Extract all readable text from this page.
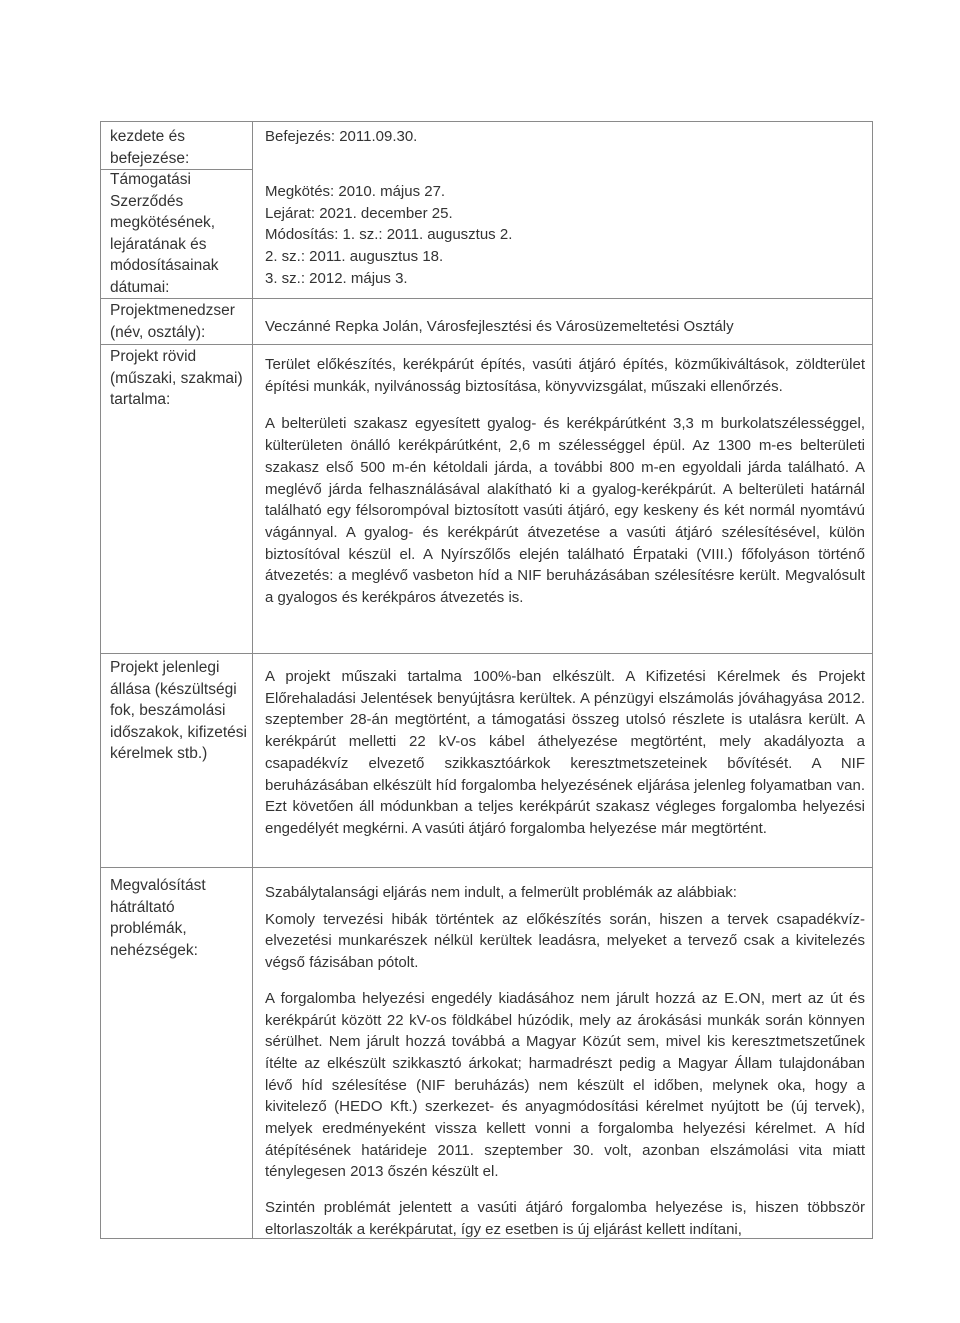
kezdete és befejezése:
Befejezés: 2011.09.30.
Támogatási Szerződés megkötésének, lejáratának és módosításainak dátumai:
Megkötés: 2010. május 27.
Lejárat: 2021. december 25.
Módosítás: 1. sz.: 2011. augusztus 2.
2. sz.: 2011. augusztus 18.
3. sz.: 2012. május 3.
Projektmenedzser (név, osztály):	Veczánné Repka Jolán, Városfejlesztési és Városüzemeltetési Osztály
Projekt rövid (műszaki, szakmai) tartalma:

Terület előkészítés, kerékpárút építés, vasúti átjáró építés, közműkiváltások, zöldterület építési munkák, nyilvánosság biztosítása, könyvvizsgálat, műszaki ellenőrzés.

A belterületi szakasz egyesített gyalog- és kerékpárútként 3,3 m burkolatszélességgel, külterületen önálló kerékpárútként, 2,6 m szélességgel épül. Az 1300 m-es belterületi szakasz első 500 m-én kétoldali járda, a további 800 m-en egyoldali járda található. A meglévő járda felhasználásával alakítható ki a gyalog-kerékpárút. A belterületi határnál található egy félsorompóval biztosított vasúti átjáró, egy keskeny és két normál nyomtávú vágánnyal. A gyalog- és kerékpárút átvezetése a vasúti átjáró szélesítésével, külön biztosítóval készül el. A Nyírszőlős elején található Érpataki (VIII.) főfolyáson történő átvezetés: a meglévő vasbeton híd a NIF beruházásában szélesítésre került. Megvalósult a gyalogos és kerékpáros átvezetés is.

Projekt jelenlegi állása (készültségi fok, beszámolási időszakok, kifizetési kérelmek stb.)
A projekt műszaki tartalma 100%-ban elkészült. A Kifizetési Kérelmek és Projekt Előrehaladási Jelentések benyújtásra kerültek. A pénzügyi elszámolás jóváhagyása 2012. szeptember 28-án megtörtént, a támogatási összeg utolsó részlete is utalásra került. A kerékpárút melletti 22 kV-os kábel áthelyezése megtörtént, mely akadályozta a csapadékvíz elvezető szikkasztóárkok keresztmetszeteinek bővítését. A NIF beruházásában elkészült híd forgalomba helyezésének eljárása jelenleg folyamatban van. Ezt követően áll módunkban a teljes kerékpárút szakasz végleges forgalomba helyezési engedélyét megkérni. A vasúti átjáró forgalomba helyezése már megtörtént.
Megvalósítást hátráltató problémák, nehézségek:

Szabálytalansági eljárás nem indult, a felmerült problémák az alábbiak:

Komoly tervezési hibák történtek az előkészítés során, hiszen a tervek csapadékvíz-elvezetési munkarészek nélkül kerültek leadásra, melyeket a tervező csak a kivitelezés végső fázisában pótolt.

A forgalomba helyezési engedély kiadásához nem járult hozzá az E.ON, mert az út és kerékpárút között 22 kV-os földkábel húzódik, mely az árokásási munkák során könnyen sérülhet. Nem járult hozzá továbbá a Magyar Közút sem, mivel kis keresztmetszetűnek ítélte az elkészült szikkasztó árkokat; harmadrészt pedig a Magyar Állam tulajdonában lévő híd szélesítése (NIF beruházás) nem készült el időben, melynek oka, hogy a kivitelező (HEDO Kft.) szerkezet- és anyagmódosítási kérelmet nyújtott be (új tervek), melyek eredményeként vissza kellett vonni a forgalomba helyezési kérelmet. A híd átépítésének határideje 2011. szeptember 30. volt, azonban elszámolási vita miatt ténylegesen 2013 őszén készült el.

Szintén problémát jelentett a vasúti átjáró forgalomba helyezése is, hiszen többször eltorlaszolták a kerékpárutat, így ez esetben is új eljárást kellett indítani,
